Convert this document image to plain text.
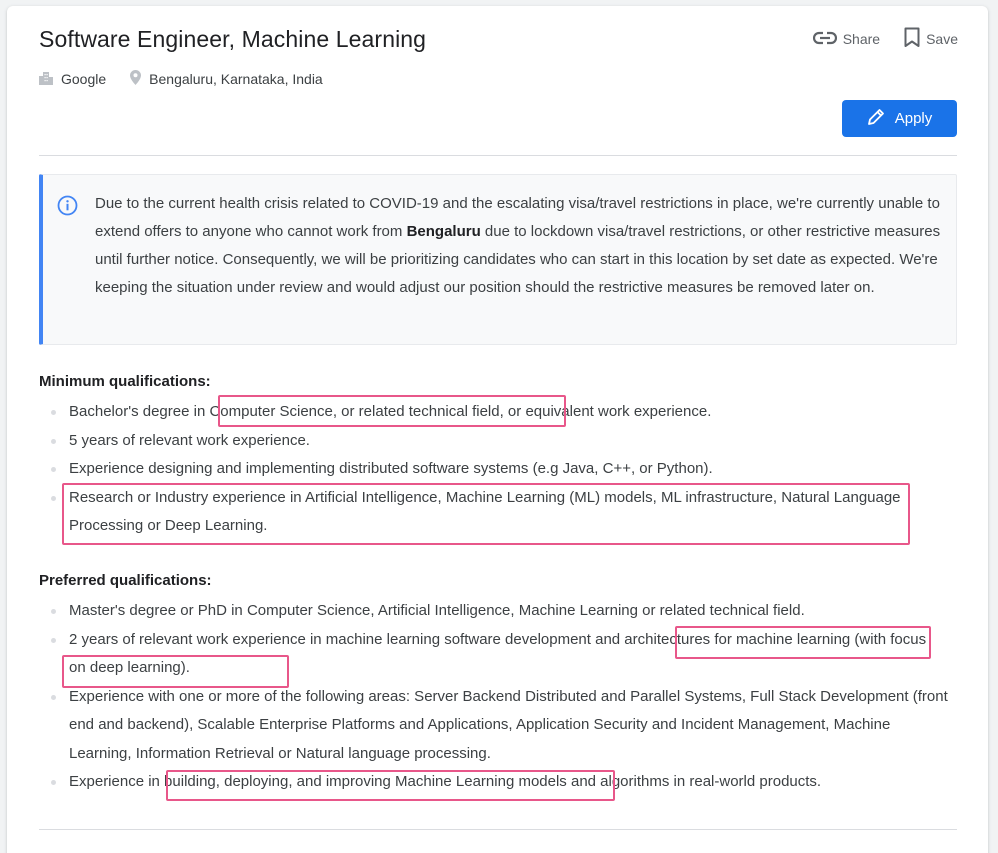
Software Engineer, Machine Learning
Google	Bengaluru, Karnataka, India
Share	Save
Apply

Due to the current health crisis related to COVID-19 and the escalating visa/travel restrictions in place, we're currently unable to extend offers to anyone who cannot work from Bengaluru due to lockdown visa/travel restrictions, or other restrictive measures until further notice. Consequently, we will be prioritizing candidates who can start in this location by set date as expected. We're keeping the situation under review and would adjust our position should the restrictive measures be removed later on.

Minimum qualifications:
Bachelor's degree in Computer Science, or related technical field, or equivalent work experience.
5 years of relevant work experience.
Experience designing and implementing distributed software systems (e.g Java, C++, or Python).
Research or Industry experience in Artificial Intelligence, Machine Learning (ML) models, ML infrastructure, Natural Language Processing or Deep Learning.
Preferred qualifications:
Master's degree or PhD in Computer Science, Artificial Intelligence, Machine Learning or related technical field.
2 years of relevant work experience in machine learning software development and architectures for machine learning (with focus on deep learning).
Experience with one or more of the following areas: Server Backend Distributed and Parallel Systems, Full Stack Development (front end and backend), Scalable Enterprise Platforms and Applications, Application Security and Incident Management, Machine Learning, Information Retrieval or Natural language processing.
Experience in building, deploying, and improving Machine Learning models and algorithms in real-world products.
